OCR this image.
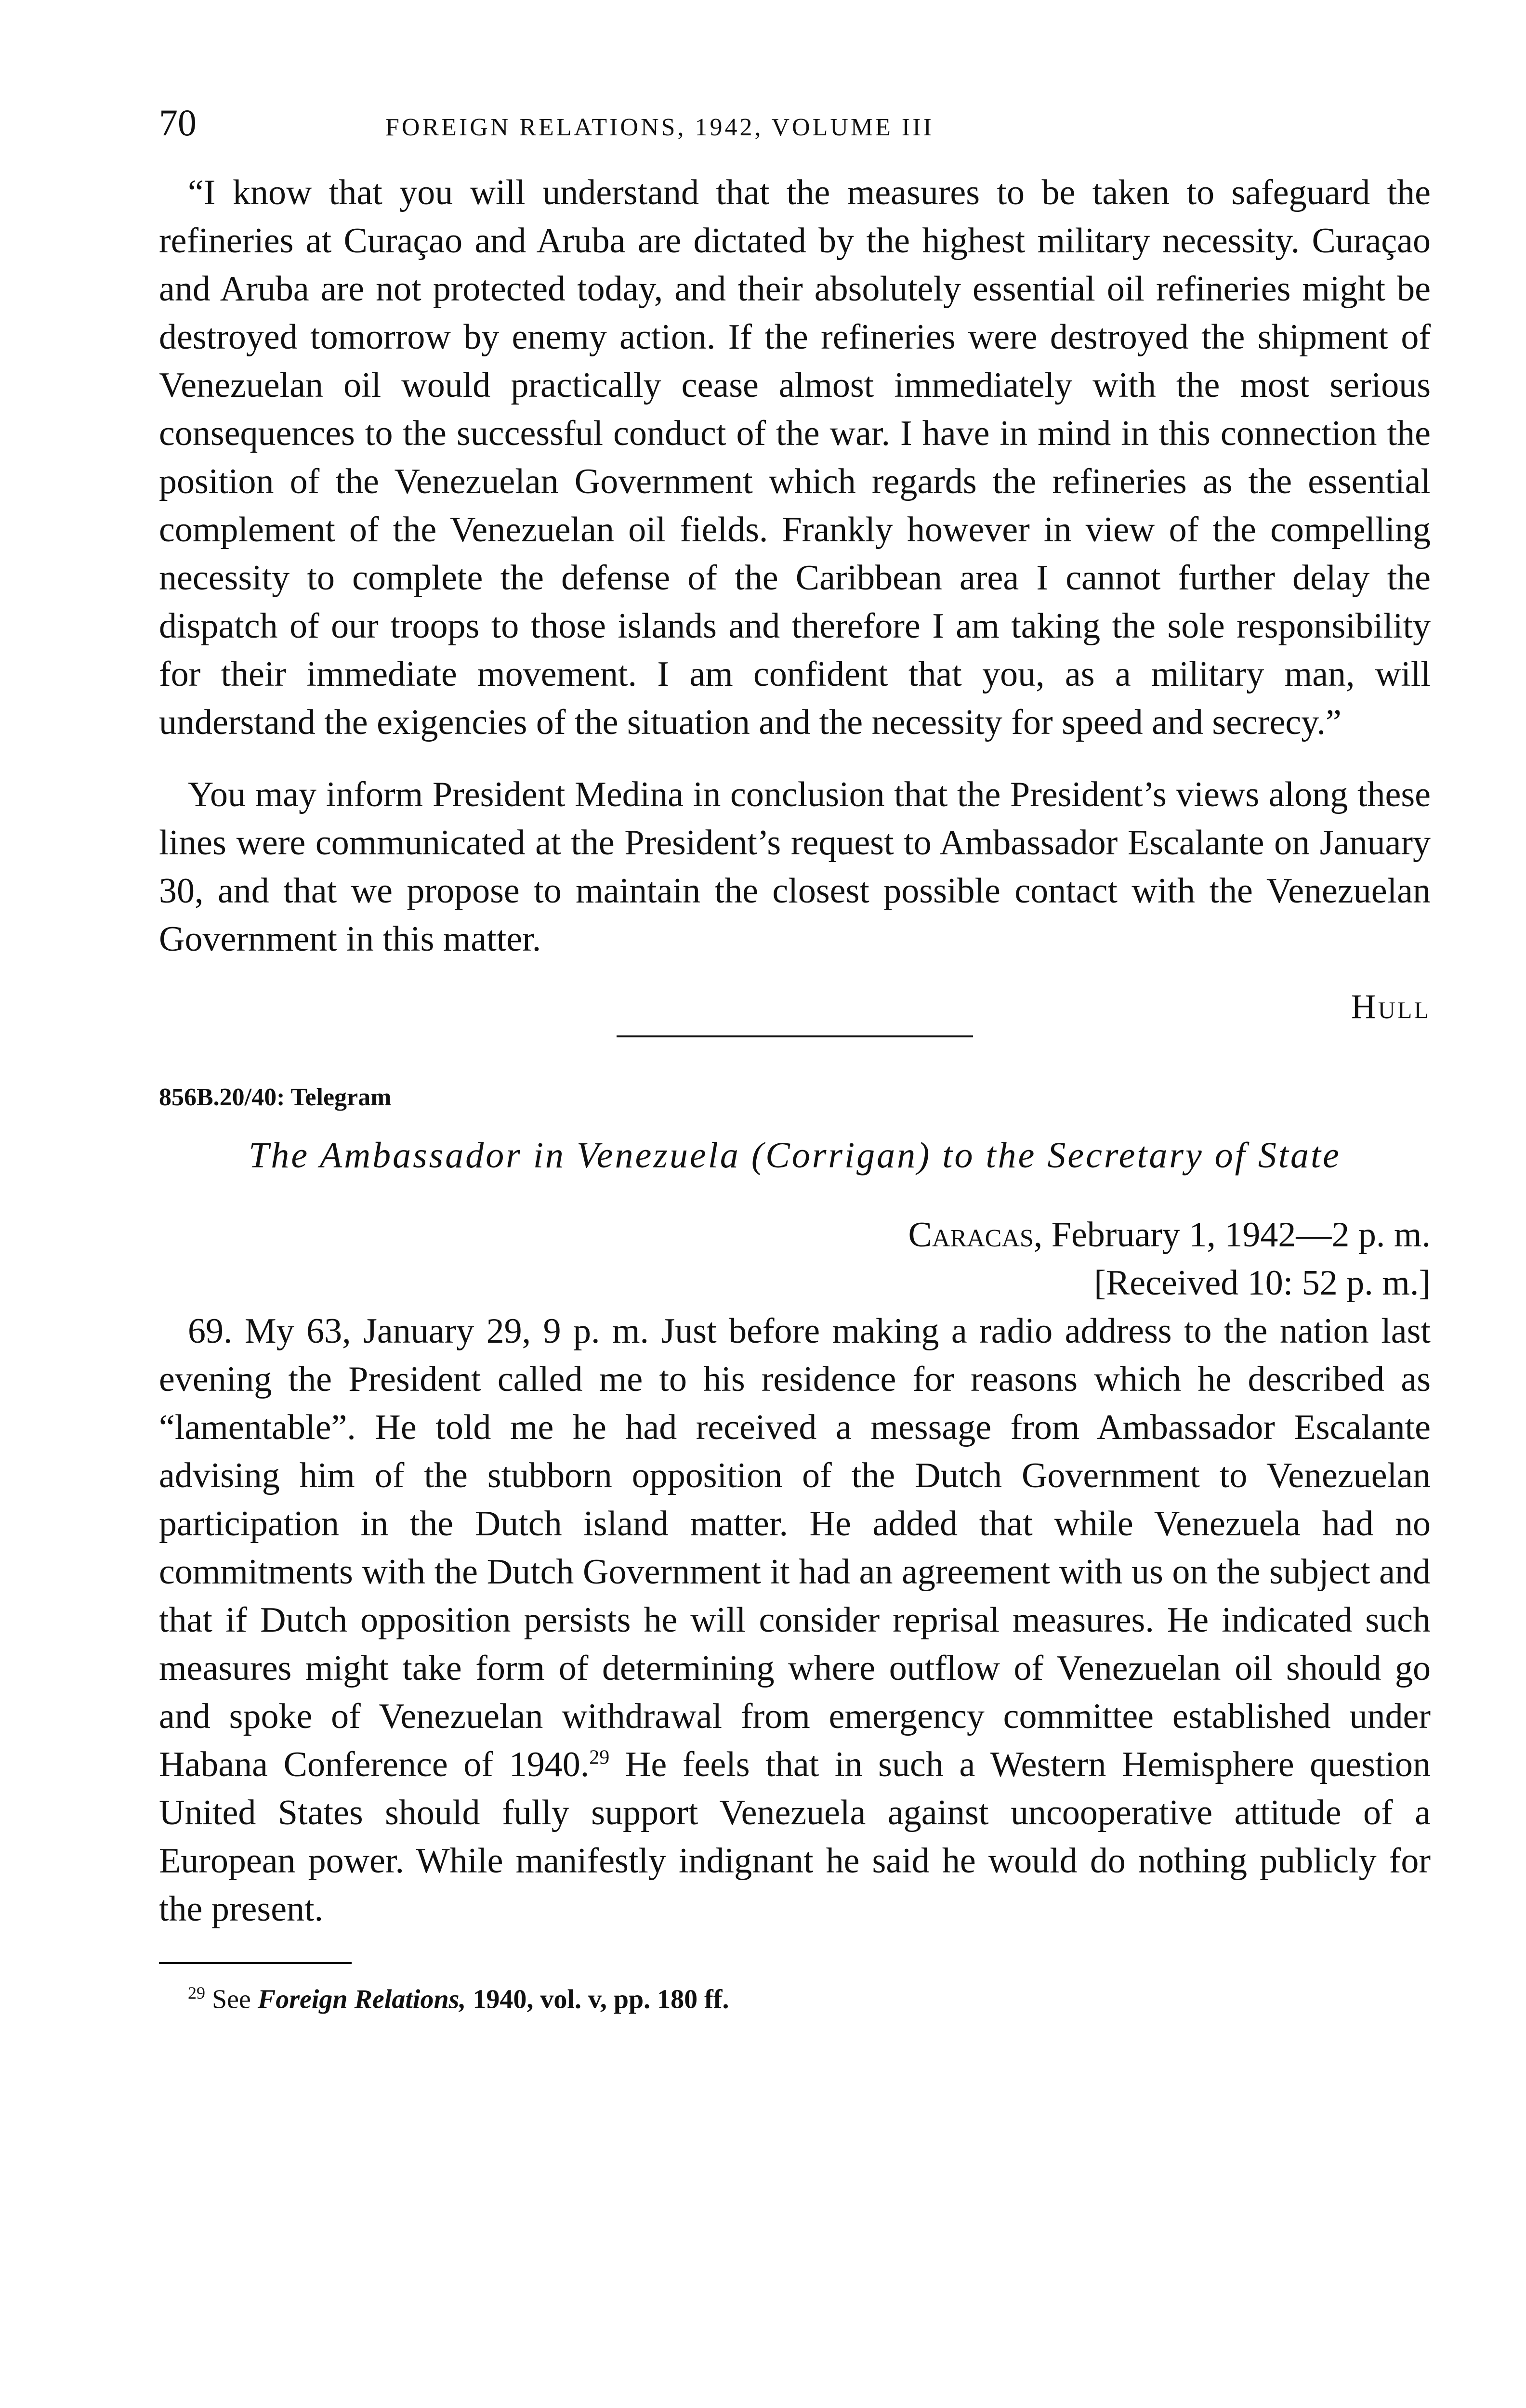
70	FOREIGN RELATIONS, 1942, VOLUME III

“I know that you will understand that the measures to be taken to safeguard the refineries at Curaçao and Aruba are dictated by the highest military necessity. Curaçao and Aruba are not protected today, and their absolutely essential oil refineries might be destroyed tomorrow by enemy action. If the refineries were destroyed the shipment of Venezuelan oil would practically cease almost immediately with the most serious consequences to the successful conduct of the war. I have in mind in this connection the position of the Venezuelan Government which regards the refineries as the essential complement of the Venezuelan oil fields. Frankly however in view of the compelling necessity to complete the defense of the Caribbean area I cannot further delay the dispatch of our troops to those islands and therefore I am taking the sole responsibility for their immediate movement. I am confident that you, as a military man, will understand the exigencies of the situation and the necessity for speed and secrecy.”

You may inform President Medina in conclusion that the President’s views along these lines were communicated at the President’s request to Ambassador Escalante on January 30, and that we propose to maintain the closest possible contact with the Venezuelan Government in this matter.

Hull
856B.20/40: Telegram
The Ambassador in Venezuela (Corrigan) to the Secretary of State
Caracas, February 1, 1942—2 p. m.
[Received 10: 52 p. m.]

69. My 63, January 29, 9 p. m. Just before making a radio address to the nation last evening the President called me to his residence for reasons which he described as “lamentable”. He told me he had received a message from Ambassador Escalante advising him of the stubborn opposition of the Dutch Government to Venezuelan participation in the Dutch island matter. He added that while Venezuela had no commitments with the Dutch Government it had an agreement with us on the subject and that if Dutch opposition persists he will consider reprisal measures. He indicated such measures might take form of determining where outflow of Venezuelan oil should go and spoke of Venezuelan withdrawal from emergency committee established under Habana Conference of 1940.29 He feels that in such a Western Hemisphere question United States should fully support Venezuela against uncooperative attitude of a European power. While manifestly indignant he said he would do nothing publicly for the present.

$^{29}$ See Foreign Relations, 1940, vol. v, pp. 180 ff.
